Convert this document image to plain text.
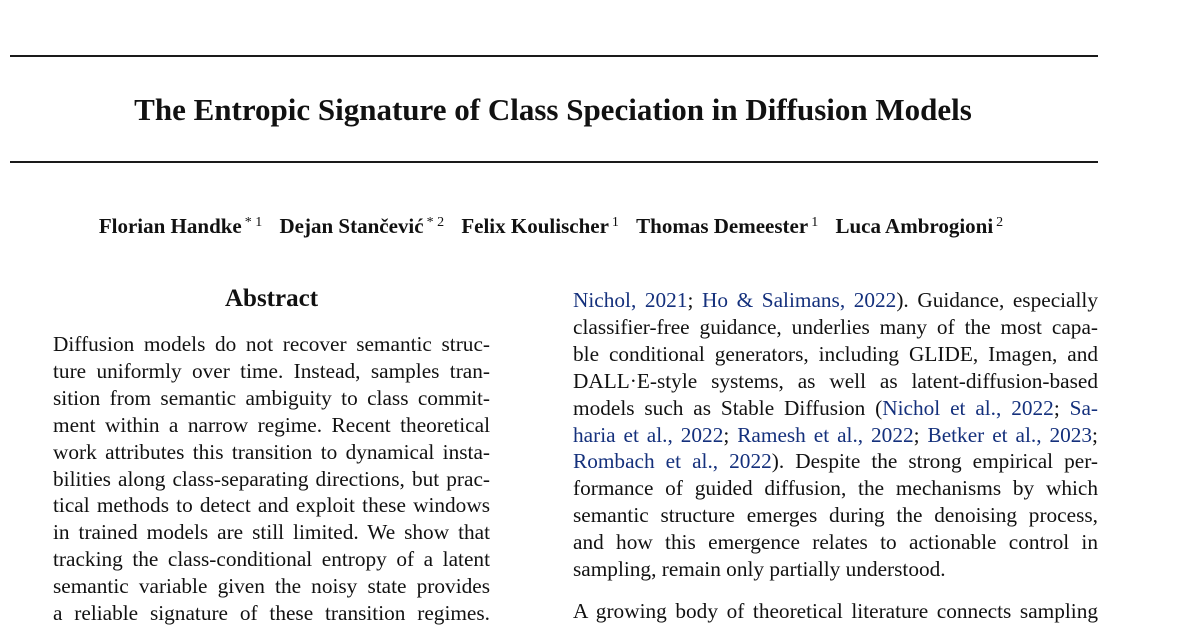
The Entropic Signature of Class Speciation in Diffusion Models
Florian Handke $^{* 1}$ Dejan Stančević $^{* 2}$ Felix Koulischer $^1$ Thomas Demeester $^1$ Luca Ambrogioni $^2$
Abstract
Diffusion models do not recover semantic struc-
ture uniformly over time. Instead, samples tran-
sition from semantic ambiguity to class commit-
ment within a narrow regime. Recent theoretical
work attributes this transition to dynamical insta-
bilities along class-separating directions, but prac-
tical methods to detect and exploit these windows
in trained models are still limited. We show that
tracking the class-conditional entropy of a latent
semantic variable given the noisy state provides
a reliable signature of these transition regimes.
Nichol, 2021; Ho & Salimans, 2022). Guidance, especially
classifier-free guidance, underlies many of the most capa-
ble conditional generators, including GLIDE, Imagen, and
DALL·E-style systems, as well as latent-diffusion-based
models such as Stable Diffusion (Nichol et al., 2022; Sa-
haria et al., 2022; Ramesh et al., 2022; Betker et al., 2023;
Rombach et al., 2022). Despite the strong empirical per-
formance of guided diffusion, the mechanisms by which
semantic structure emerges during the denoising process,
and how this emergence relates to actionable control in
sampling, remain only partially understood.
A growing body of theoretical literature connects sampling
